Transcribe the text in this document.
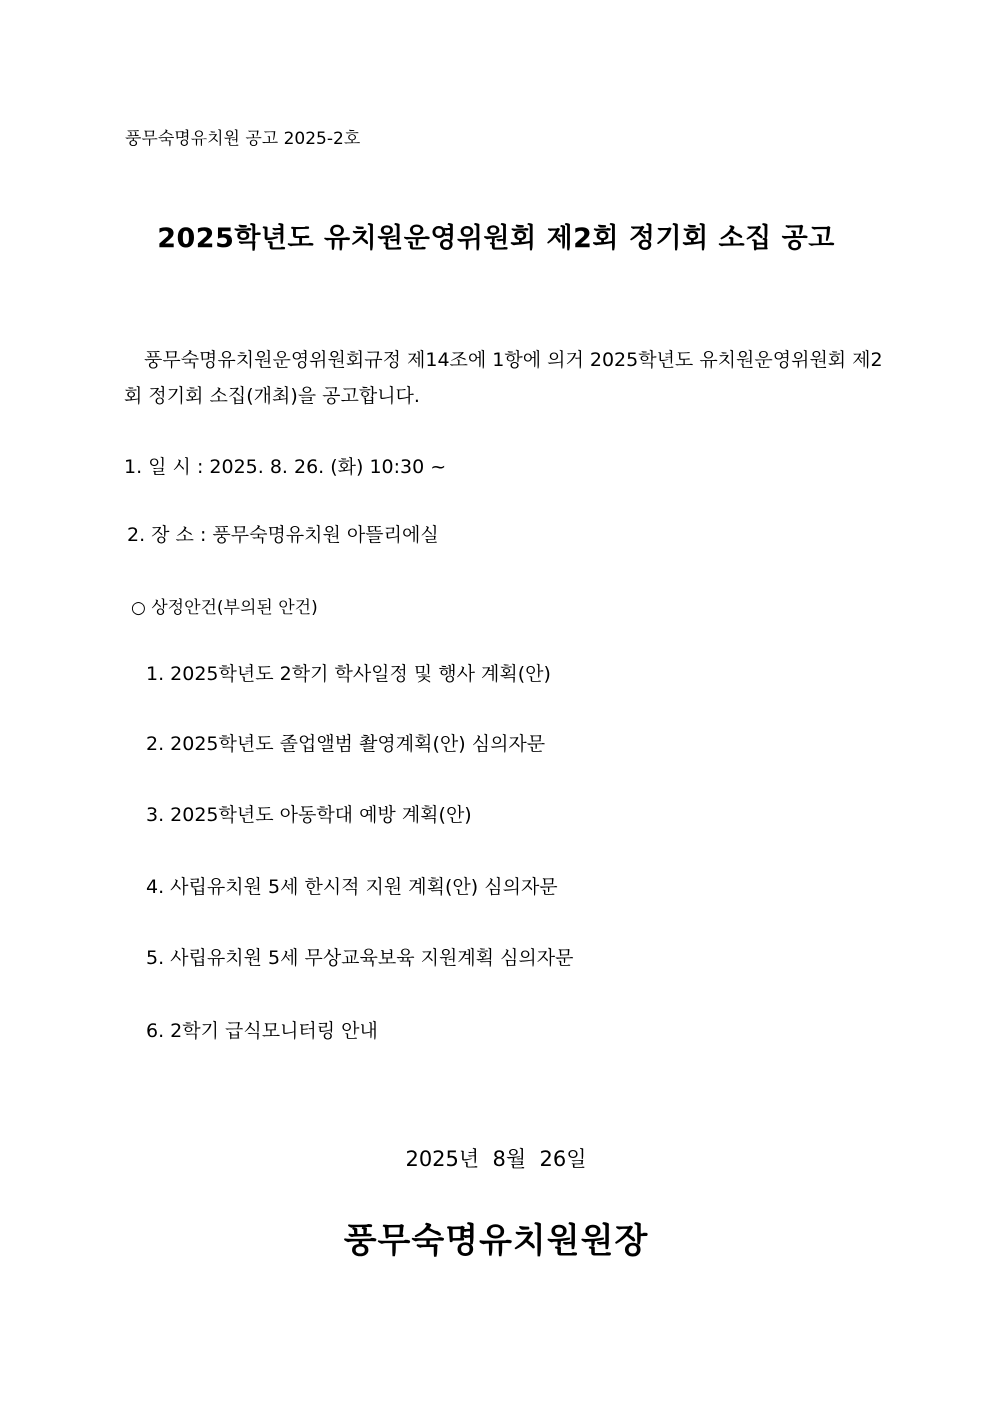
풍무숙명유치원 공고 2025-2호
2025학년도 유치원운영위원회 제2회 정기회 소집 공고
풍무숙명유치원운영위원회규정 제14조에 1항에 의거 2025학년도 유치원운영위원회 제2회 정기회 소집(개최)을 공고합니다.
1. 일 시 : 2025. 8. 26. (화) 10:30 ~
2. 장 소 : 풍무숙명유치원 아뜰리에실
○ 상정안건(부의된 안건)
1. 2025학년도 2학기 학사일정 및 행사 계획(안)
2. 2025학년도 졸업앨범 촬영계획(안) 심의자문
3. 2025학년도 아동학대 예방 계획(안)
4. 사립유치원 5세 한시적 지원 계획(안) 심의자문
5. 사립유치원 5세 무상교육보육 지원계획 심의자문
6. 2학기 급식모니터링 안내
2025년  8월  26일
풍무숙명유치원원장
